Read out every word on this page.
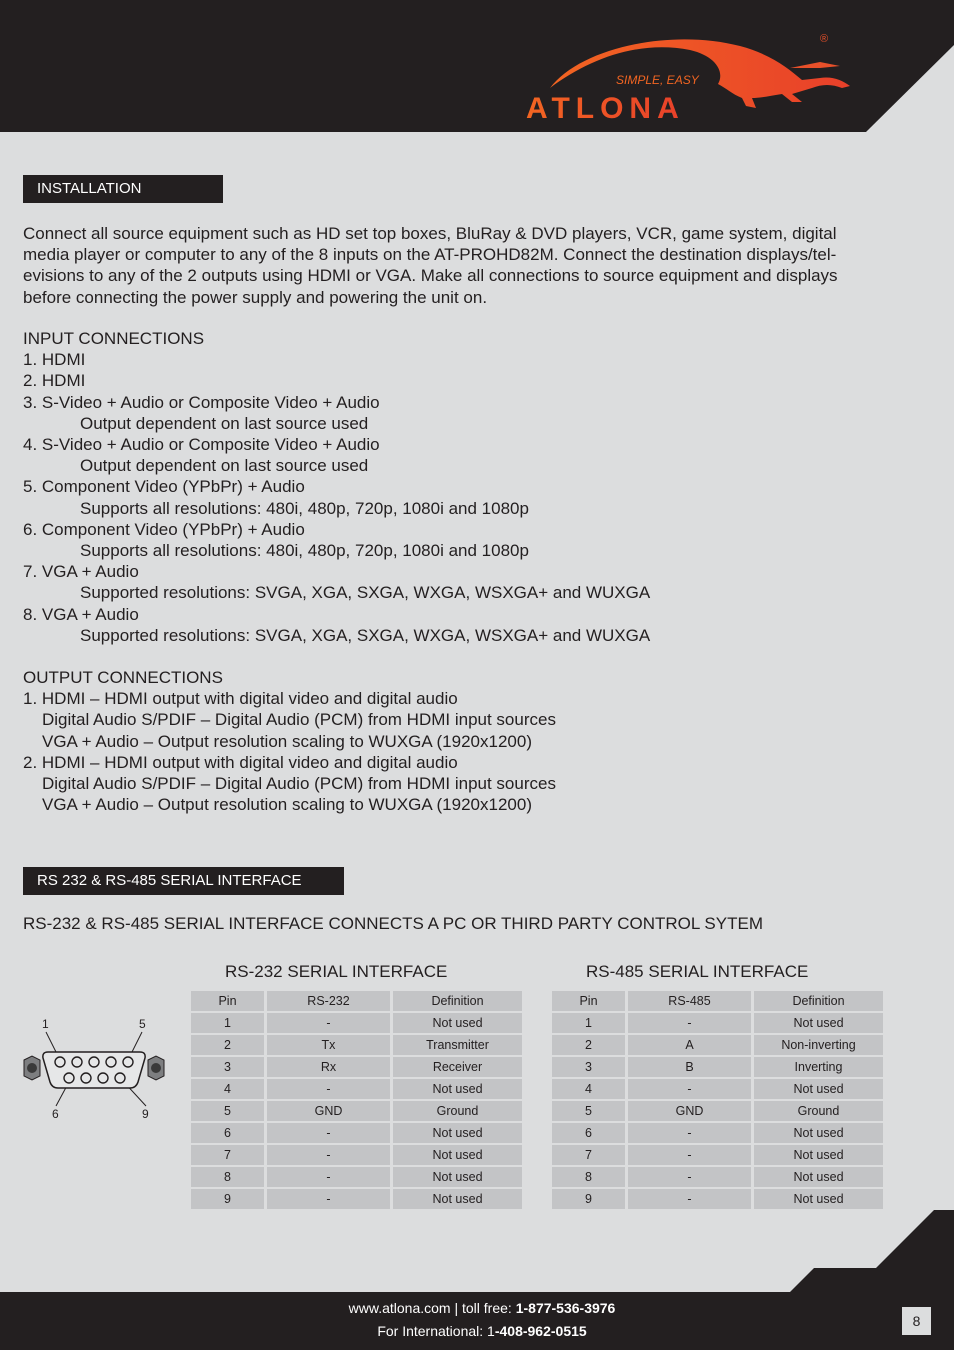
SIMPLE, EASY
ATLONA
®
INSTALLATION
Connect all source equipment such as HD set top boxes, BluRay & DVD players, VCR, game system, digital
media player or computer to any of the 8 inputs on the AT-PROHD82M. Connect the destination displays/tel-
evisions to any of the 2 outputs using HDMI or VGA. Make all connections to source equipment and displays
before connecting the power supply and powering the unit on.
INPUT CONNECTIONS
1. HDMI
2. HDMI
3. S-Video + Audio or Composite Video + Audio
Output dependent on last source used
4. S-Video + Audio or Composite Video + Audio
Output dependent on last source used
5. Component Video (YPbPr) + Audio
Supports all resolutions: 480i, 480p, 720p, 1080i and 1080p
6. Component Video (YPbPr) + Audio
Supports all resolutions: 480i, 480p, 720p, 1080i and 1080p
7. VGA + Audio
Supported resolutions: SVGA, XGA, SXGA, WXGA, WSXGA+ and WUXGA
8. VGA + Audio
Supported resolutions: SVGA, XGA, SXGA, WXGA, WSXGA+ and WUXGA
OUTPUT CONNECTIONS
1. HDMI – HDMI output with digital video and digital audio
Digital Audio S/PDIF – Digital Audio (PCM) from HDMI input sources
VGA + Audio – Output resolution scaling to WUXGA (1920x1200)
2. HDMI – HDMI output with digital video and digital audio
Digital Audio S/PDIF – Digital Audio (PCM) from HDMI input sources
VGA + Audio – Output resolution scaling to WUXGA (1920x1200)
RS 232 & RS-485 SERIAL INTERFACE
RS-232 & RS-485 SERIAL INTERFACE CONNECTS A PC OR THIRD PARTY CONTROL SYTEM
RS-232 SERIAL INTERFACE	RS-485 SERIAL INTERFACE
1	5
6	9
Pin	RS-232	Definition
1	-	Not used
2	Tx	Transmitter
3	Rx	Receiver
4	-	Not used
5	GND	Ground
6	-	Not used
7	-	Not used
8	-	Not used
9	-	Not used
Pin	RS-485	Definition
1	-	Not used
2	A	Non-inverting
3	B	Inverting
4	-	Not used
5	GND	Ground
6	-	Not used
7	-	Not used
8	-	Not used
9	-	Not used
www.atlona.com | toll free: 1-877-536-3976
For International: 1-408-962-0515
8
